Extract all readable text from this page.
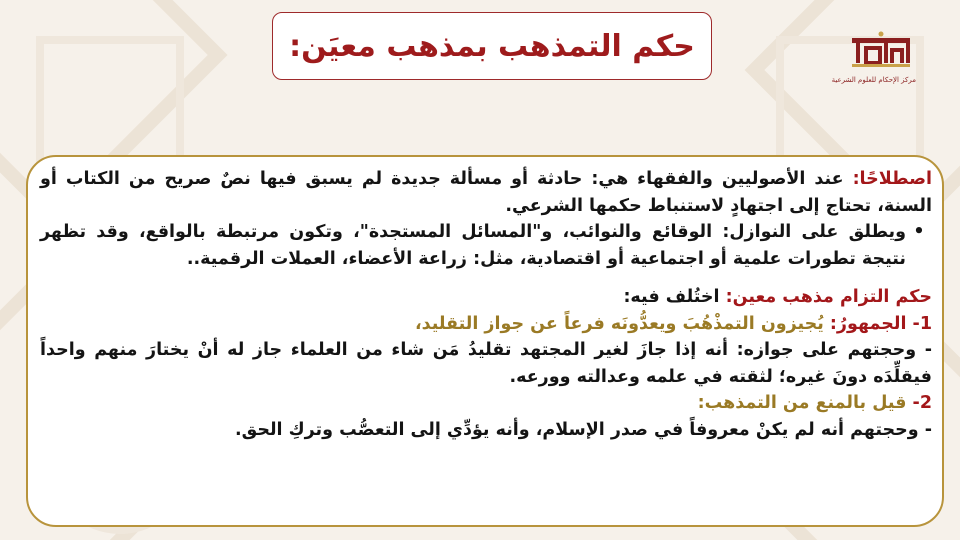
حكم التمذهب بمذهب معيَن:
مركز الإحكام للعلوم الشرعية

اصطلاحًا: عند الأصوليين والفقهاء هي: حادثة أو مسألة جديدة لم يسبق فيها نصٌ صريح من الكتاب أو السنة، تحتاج إلى اجتهادٍ لاستنباط حكمها الشرعي.

•
ويطلق على النوازل: الوقائع والنوائب، و"المسائل المستجدة"، وتكون مرتبطة بالواقع، وقد تظهر نتيجة تطورات علمية أو اجتماعية أو اقتصادية، مثل: زراعة الأعضاء، العملات الرقمية..

حكم التزام مذهب معين: اختُلف فيه:

1- الجمهورُ: يُجيزون التمذْهُبَ ويعدُّونَه فرعاً عن جواز التقليد،

- وحجتهم على جوازه: أنه إذا جازَ لغير المجتهد تقليدُ مَن شاء من العلماء جاز له أنْ يختارَ منهم واحداً فيقلِّدَه دونَ غيره؛ لثقته في علمه وعدالته وورعه.

2- قيل بالمنع من التمذهب:

- وحجتهم أنه لم يكنْ معروفاً في صدر الإسلام، وأنه يؤدِّي إلى التعصُّب وتركِ الحق.
